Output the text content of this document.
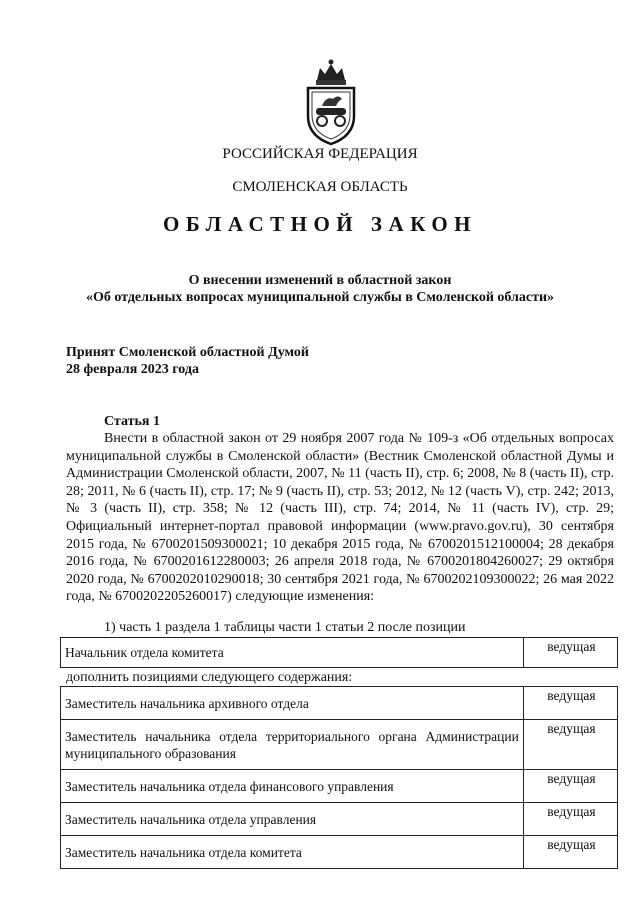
РОССИЙСКАЯ ФЕДЕРАЦИЯ
СМОЛЕНСКАЯ ОБЛАСТЬ
ОБЛАСТНОЙ ЗАКОН
О внесении изменений в областной закон
«Об отдельных вопросах муниципальной службы в Смоленской области»
Принят Смоленской областной Думой
28 февраля 2023 года
Статья 1

Внести в областной закон от 29 ноября 2007 года № 109-з «Об отдельных вопросах муниципальной службы в Смоленской области» (Вестник Смоленской областной Думы и Администрации Смоленской области, 2007, № 11 (часть II), стр. 6; 2008, № 8 (часть II), стр. 28; 2011, № 6 (часть II), стр. 17; № 9 (часть II), стр. 53; 2012, № 12 (часть V), стр. 242; 2013, № 3 (часть II), стр. 358; № 12 (часть III), стр. 74; 2014, № 11 (часть IV), стр. 29; Официальный интернет-портал правовой информации (www.pravo.gov.ru), 30 сентября 2015 года, № 6700201509300021; 10 декабря 2015 года, № 6700201512100004; 28 декабря 2016 года, № 6700201612280003; 26 апреля 2018 года, № 6700201804260027; 29 октября 2020 года, № 6700202010290018; 30 сентября 2021 года, № 6700202109300022; 26 мая 2022 года, № 6700202205260017) следующие изменения:

1) часть 1 раздела 1 таблицы части 1 статьи 2 после позиции
Начальник отдела комитета	ведущая
дополнить позициями следующего содержания:
Заместитель начальника архивного отдела	ведущая
Заместитель начальника отдела территориального органа Администрации муниципального образования	ведущая
Заместитель начальника отдела финансового управления	ведущая
Заместитель начальника отдела управления	ведущая
Заместитель начальника отдела комитета	ведущая
